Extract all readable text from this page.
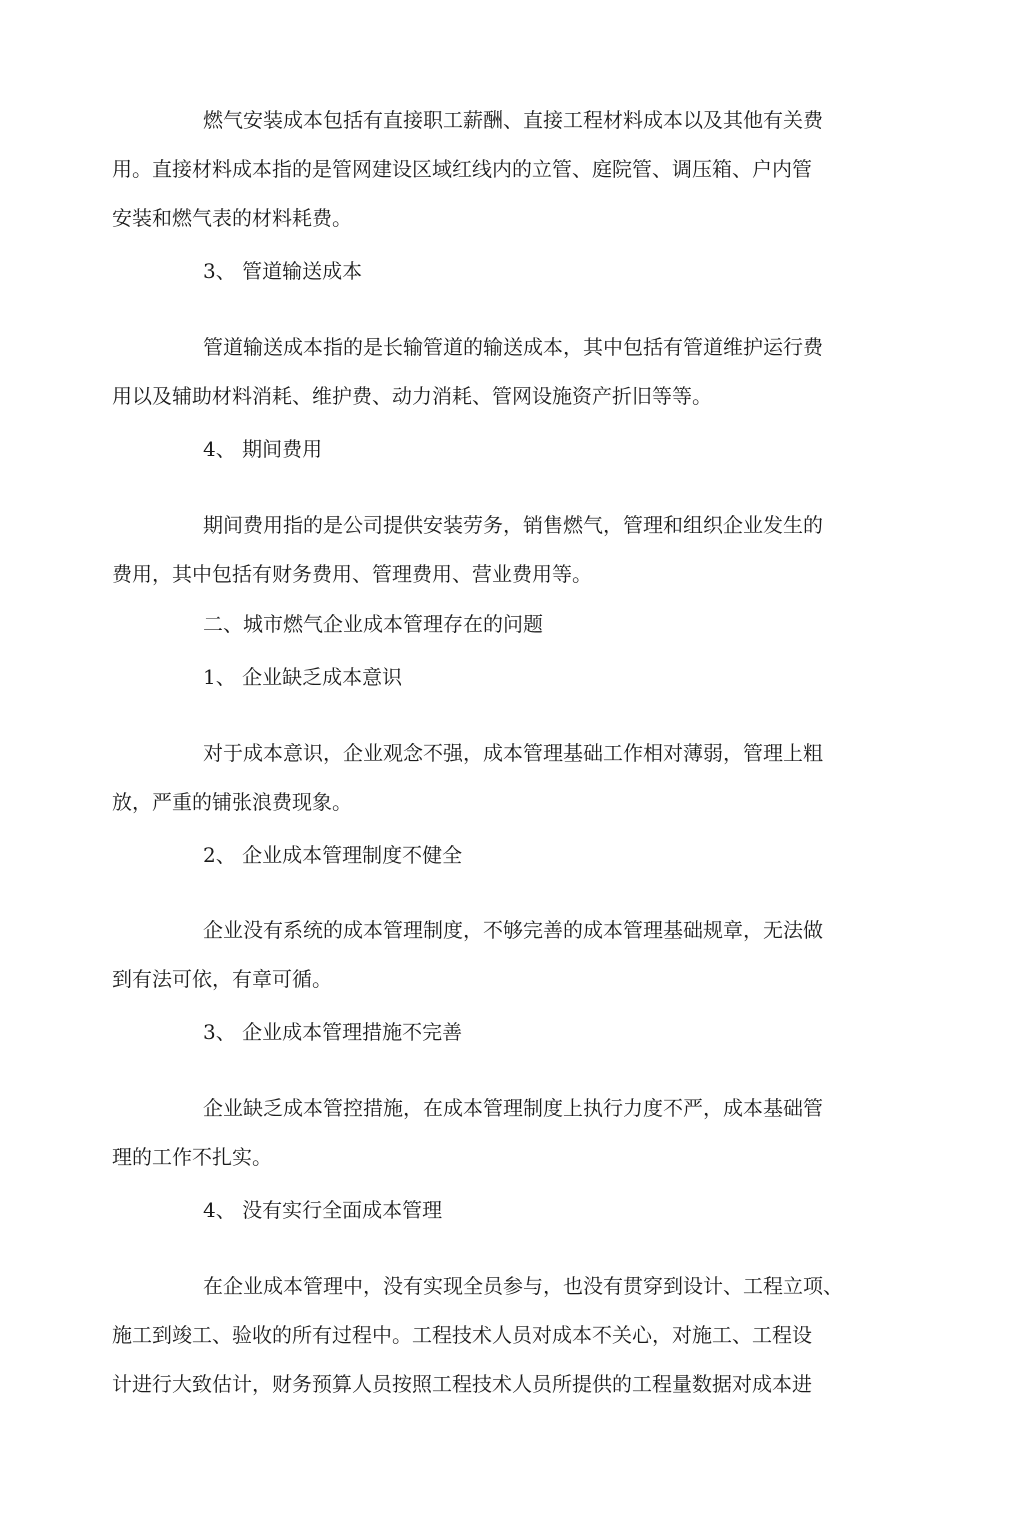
燃气安装成本包括有直接职工薪酬、直接工程材料成本以及其他有关费
用。直接材料成本指的是管网建设区域红线内的立管、庭院管、调压箱、户内管
安装和燃气表的材料耗费。
3、 管道输送成本
管道输送成本指的是长输管道的输送成本，其中包括有管道维护运行费
用以及辅助材料消耗、维护费、动力消耗、管网设施资产折旧等等。
4、 期间费用
期间费用指的是公司提供安装劳务，销售燃气，管理和组织企业发生的
费用，其中包括有财务费用、管理费用、营业费用等。
二、城市燃气企业成本管理存在的问题
1、 企业缺乏成本意识
对于成本意识，企业观念不强，成本管理基础工作相对薄弱，管理上粗
放，严重的铺张浪费现象。
2、 企业成本管理制度不健全
企业没有系统的成本管理制度，不够完善的成本管理基础规章，无法做
到有法可依，有章可循。
3、 企业成本管理措施不完善
企业缺乏成本管控措施，在成本管理制度上执行力度不严，成本基础管
理的工作不扎实。
4、 没有实行全面成本管理
在企业成本管理中，没有实现全员参与，也没有贯穿到设计、工程立项、
施工到竣工、验收的所有过程中。工程技术人员对成本不关心，对施工、工程设
计进行大致估计，财务预算人员按照工程技术人员所提供的工程量数据对成本进
